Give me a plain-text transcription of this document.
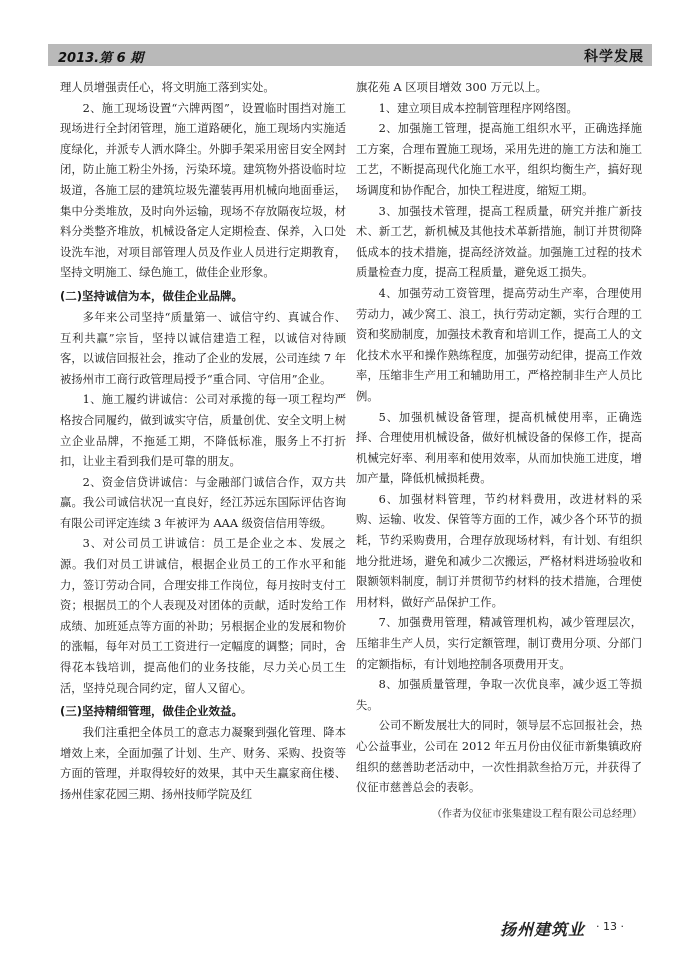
2013.第 6 期	科学发展

理人员增强责任心，将文明施工落到实处。

2、施工现场设置“六牌两图”，设置临时围挡对施工现场进行全封闭管理，施工道路硬化，施工现场内实施适度绿化，并派专人洒水降尘。外脚手架采用密目安全网封闭，防止施工粉尘外扬，污染环境。建筑物外搭设临时垃圾道，各施工层的建筑垃圾先灌装再用机械向地面垂运，集中分类堆放，及时向外运输，现场不存放隔夜垃圾，材料分类整齐堆放，机械设备定人定期检查、保养，入口处设洗车池，对项目部管理人员及作业人员进行定期教育，坚持文明施工、绿色施工，做佳企业形象。

(二)坚持诚信为本，做佳企业品牌。

多年来公司坚持“质量第一、诚信守约、真诚合作、互利共赢”宗旨，坚持以诚信建造工程，以诚信对待顾客，以诚信回报社会，推动了企业的发展，公司连续 7 年被扬州市工商行政管理局授予“重合同、守信用”企业。

1、施工履约讲诚信：公司对承揽的每一项工程均严格按合同履约，做到诚实守信，质量创优、安全文明上树立企业品牌，不拖延工期，不降低标准，服务上不打折扣，让业主看到我们是可靠的朋友。

2、资金信贷讲诚信：与金融部门诚信合作，双方共赢。我公司诚信状况一直良好，经江苏远东国际评估咨询有限公司评定连续 3 年被评为 AAA 级资信信用等级。

3、对公司员工讲诚信：员工是企业之本、发展之源。我们对员工讲诚信，根据企业员工的工作水平和能力，签订劳动合同，合理安排工作岗位，每月按时支付工资；根据员工的个人表现及对团体的贡献，适时发给工作成绩、加班延点等方面的补助；另根据企业的发展和物价的涨幅，每年对员工工资进行一定幅度的调整；同时，舍得花本钱培训，提高他们的业务技能，尽力关心员工生活，坚持兑现合同约定，留人又留心。

(三)坚持精细管理，做佳企业效益。

我们注重把全体员工的意志力凝聚到强化管理、降本增效上来，全面加强了计划、生产、财务、采购、投资等方面的管理，并取得较好的效果，其中天生赢家商住楼、扬州佳家花园三期、扬州技师学院及红

旗花苑 A 区项目增效 300 万元以上。

1、建立项目成本控制管理程序网络图。

2、加强施工管理，提高施工组织水平，正确选择施工方案，合理布置施工现场，采用先进的施工方法和施工工艺，不断提高现代化施工水平，组织均衡生产，搞好现场调度和协作配合，加快工程进度，缩短工期。

3、加强技术管理，提高工程质量，研究并推广新技术、新工艺，新机械及其他技术革新措施，制订并贯彻降低成本的技术措施，提高经济效益。加强施工过程的技术质量检查力度，提高工程质量，避免返工损失。

4、加强劳动工资管理，提高劳动生产率，合理使用劳动力，减少窝工、浪工，执行劳动定额，实行合理的工资和奖励制度，加强技术教育和培训工作，提高工人的文化技术水平和操作熟练程度，加强劳动纪律，提高工作效率，压缩非生产用工和辅助用工，严格控制非生产人员比例。

5、加强机械设备管理，提高机械使用率，正确选择、合理使用机械设备，做好机械设备的保修工作，提高机械完好率、利用率和使用效率，从而加快施工进度，增加产量，降低机械损耗费。

6、加强材料管理，节约材料费用，改进材料的采购、运输、收发、保管等方面的工作，减少各个环节的损耗，节约采购费用，合理存放现场材料，有计划、有组织地分批进场，避免和减少二次搬运，严格材料进场验收和限额领料制度，制订并贯彻节约材料的技术措施，合理使用材料，做好产品保护工作。

7、加强费用管理，精减管理机构，减少管理层次，压缩非生产人员，实行定额管理，制订费用分项、分部门的定额指标，有计划地控制各项费用开支。

8、加强质量管理，争取一次优良率，减少返工等损失。

公司不断发展壮大的同时，领导层不忘回报社会，热心公益事业，公司在 2012 年五月份由仪征市新集镇政府组织的慈善助老活动中，一次性捐款叁拾万元，并获得了仪征市慈善总会的表彰。

（作者为仪征市张集建设工程有限公司总经理）

扬州建筑业 · 13 ·
